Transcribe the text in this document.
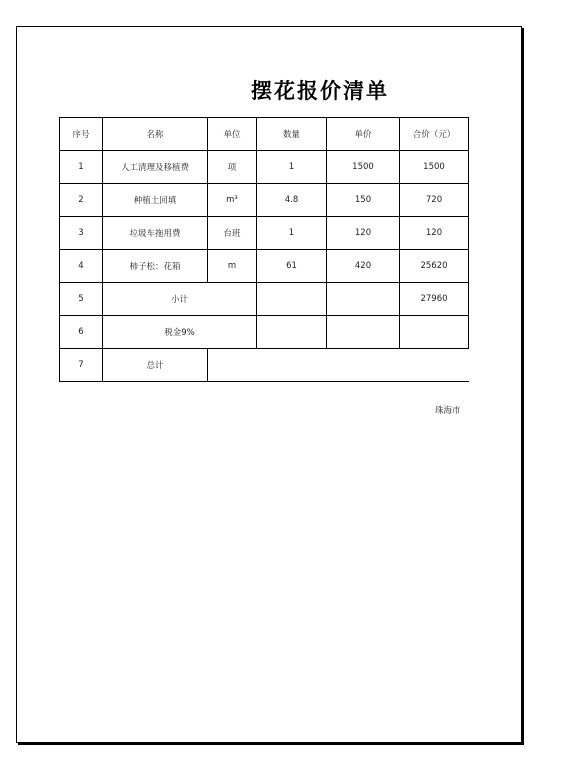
摆花报价清单
序号	名称	单位	数量	单价	合价（元）
1	人工清理及移植费	项	1	1500	1500
2	种植土回填	m³	4.8	150	720
3	垃圾车拖用费	台班	1	120	120
4	柿子松：花箱	m	61	420	25620
5	小计				27960
6	税金9%				
7	总计				
珠海市
